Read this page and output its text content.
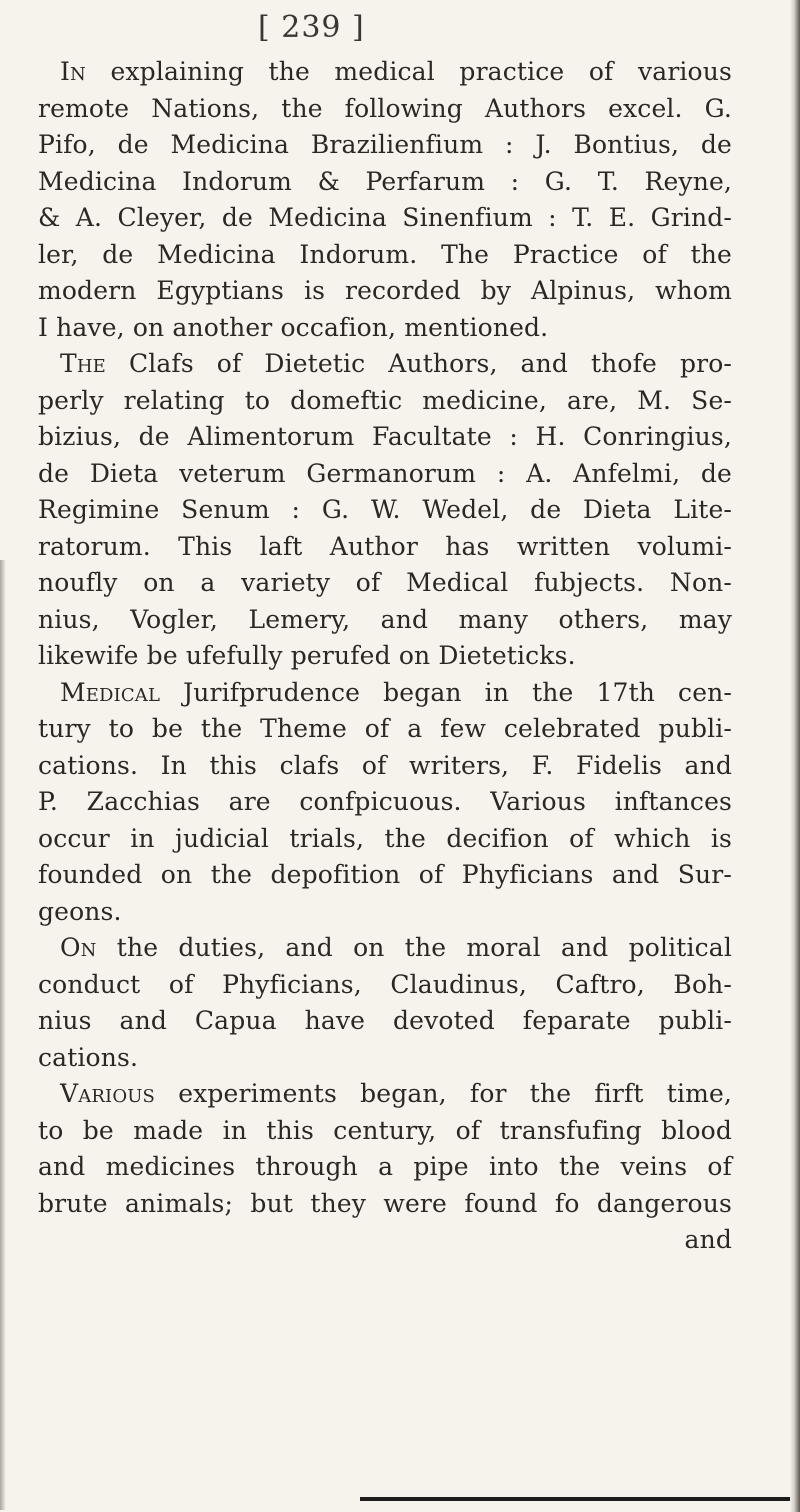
[ 239 ]
In explaining the medical practice of various
remote Nations, the following Authors excel. G.
Pifo, de Medicina Brazilienfium : J. Bontius, de
Medicina Indorum & Perfarum : G. T. Reyne,
& A. Cleyer, de Medicina Sinenfium : T. E. Grind-
ler, de Medicina Indorum. The Practice of the
modern Egyptians is recorded by Alpinus, whom
I have, on another occafion, mentioned.
The Clafs of Dietetic Authors, and thofe pro-
perly relating to domeftic medicine, are, M. Se-
bizius, de Alimentorum Facultate : H. Conringius,
de Dieta veterum Germanorum : A. Anfelmi, de
Regimine Senum : G. W. Wedel, de Dieta Lite-
ratorum. This laft Author has written volumi-
noufly on a variety of Medical fubjects. Non-
nius, Vogler, Lemery, and many others, may
likewife be ufefully perufed on Dieteticks.
Medical Jurifprudence began in the 17th cen-
tury to be the Theme of a few celebrated publi-
cations. In this clafs of writers, F. Fidelis and
P. Zacchias are confpicuous. Various inftances
occur in judicial trials, the decifion of which is
founded on the depofition of Phyficians and Sur-
geons.
On the duties, and on the moral and political
conduct of Phyficians, Claudinus, Caftro, Boh-
nius and Capua have devoted feparate publi-
cations.
Various experiments began, for the firft time,
to be made in this century, of transfufing blood
and medicines through a pipe into the veins of
brute animals; but they were found fo dangerous
and
